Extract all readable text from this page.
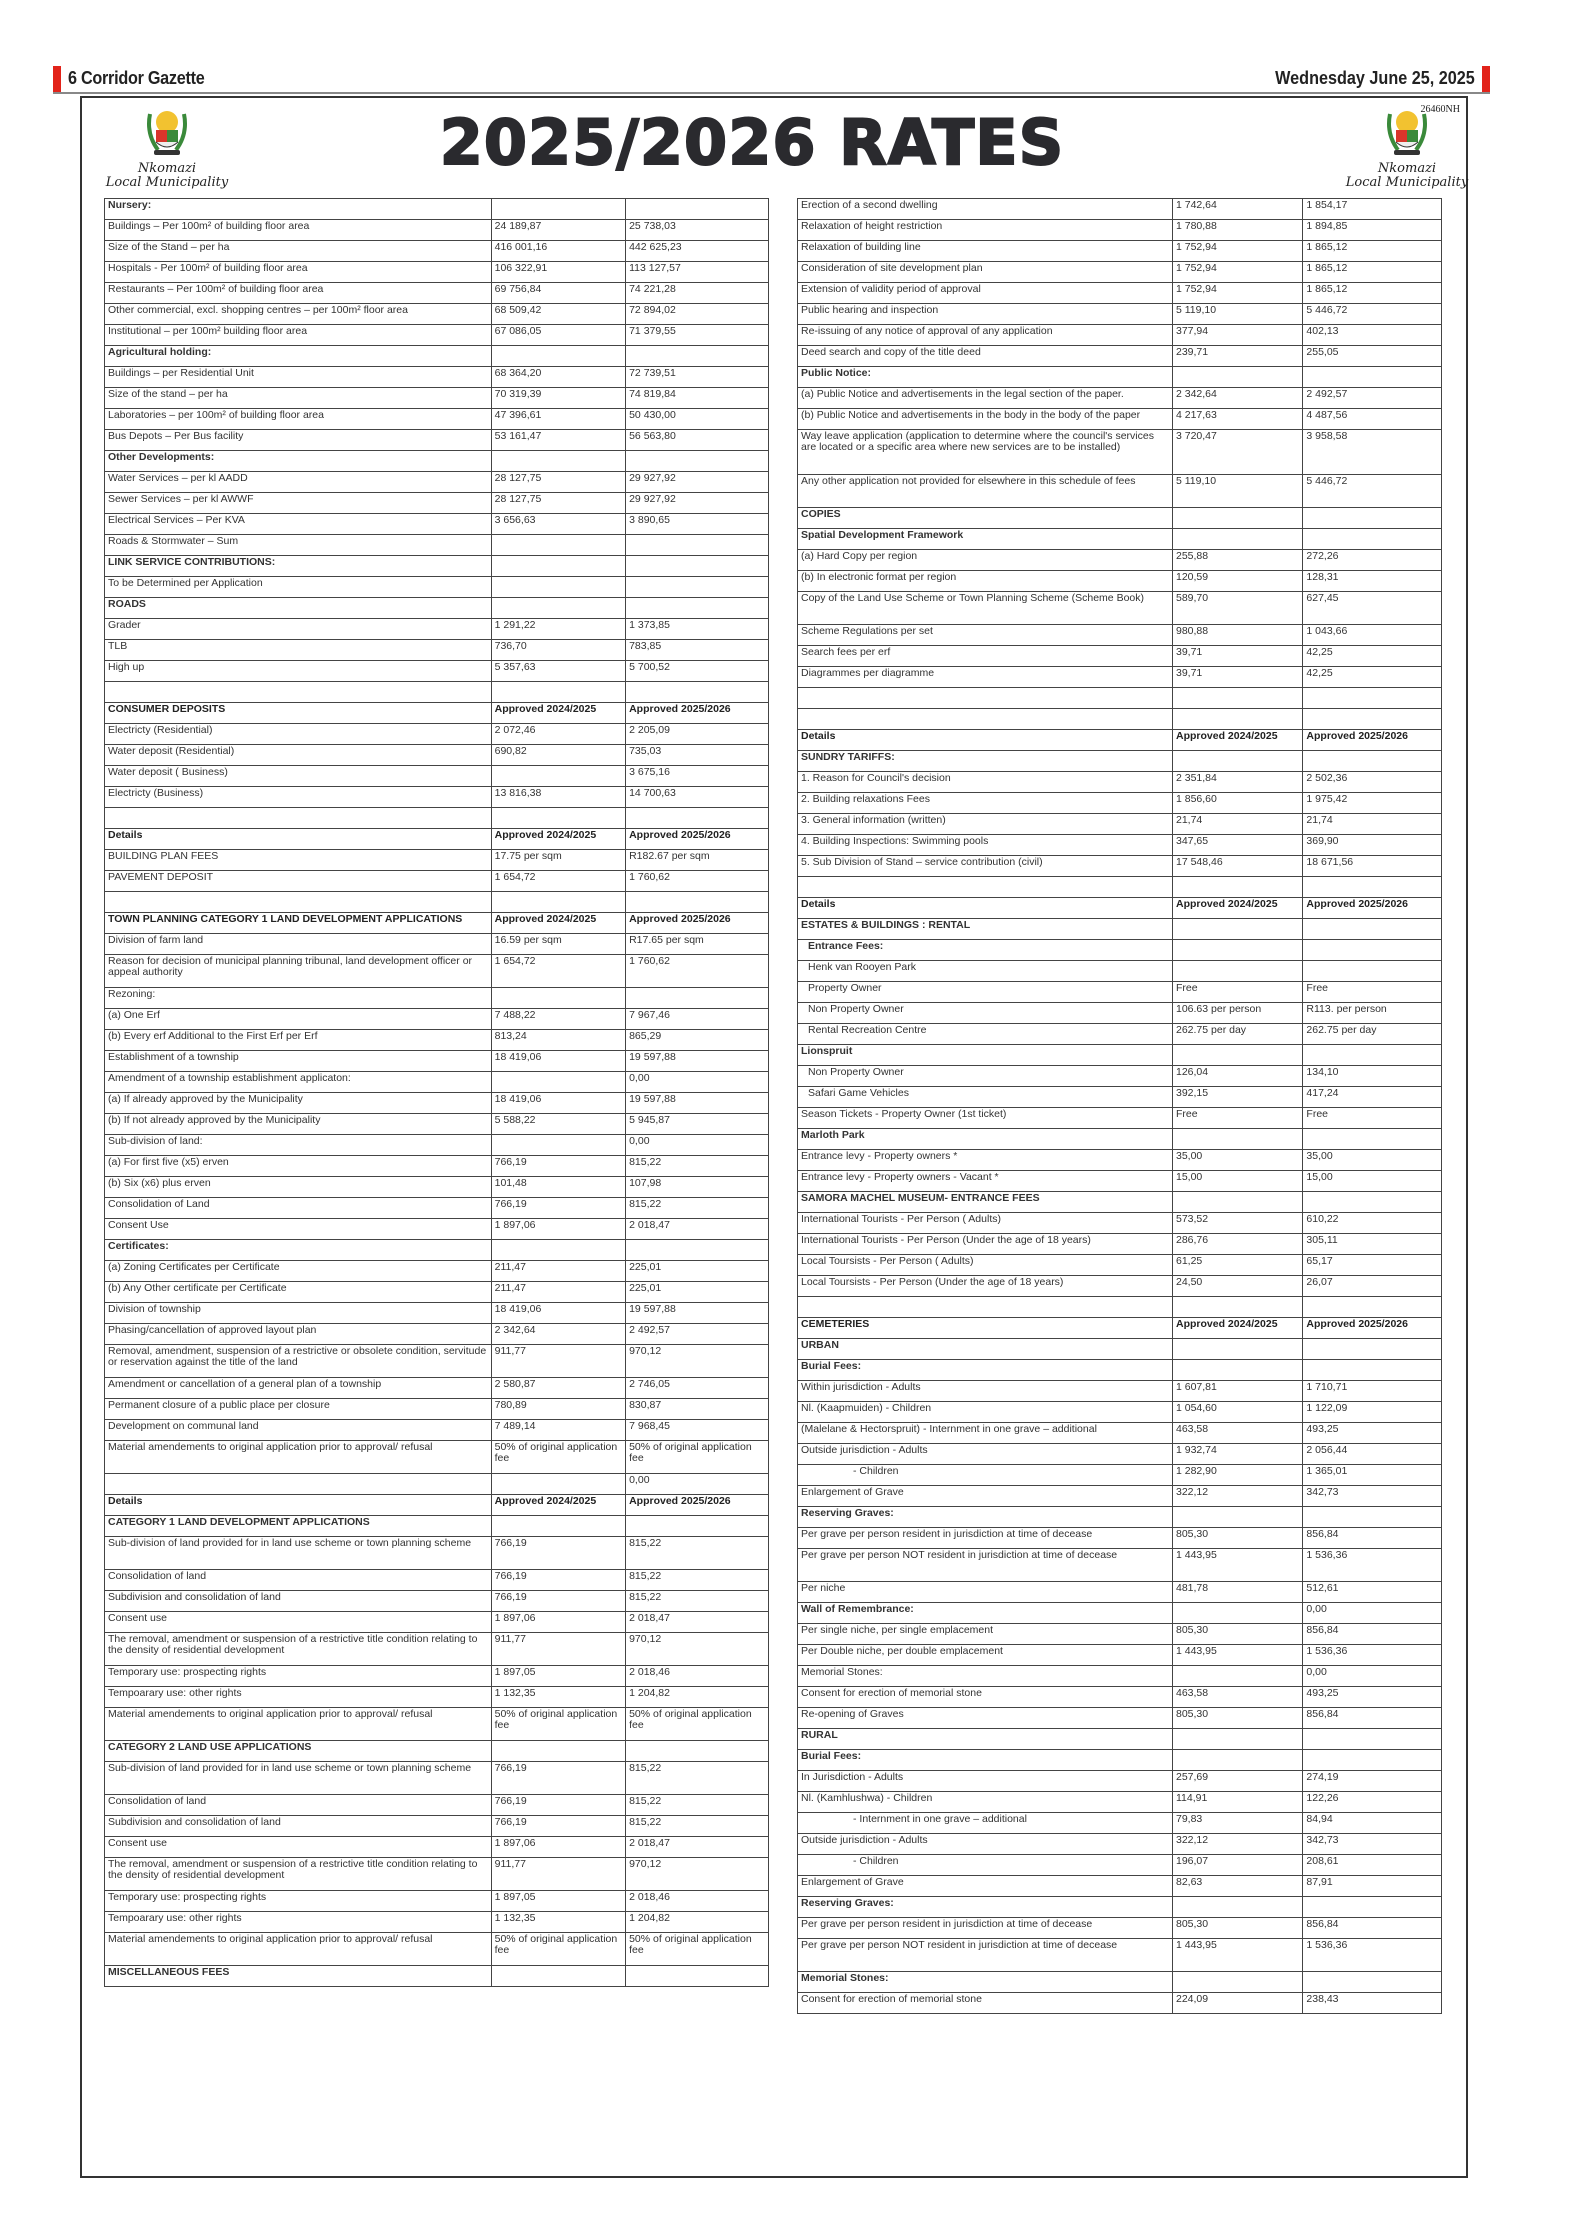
6 Corridor Gazette	Wednesday June 25, 2025
26460NH
Nkomazi
Local Municipality
2025/2026 RATES	Nkomazi
Local Municipality
Nursery:		
Buildings – Per 100m² of building floor area	24 189,87	25 738,03
Size of the Stand – per ha	416 001,16	442 625,23
Hospitals - Per 100m² of building floor area	106 322,91	113 127,57
Restaurants – Per 100m² of building floor area	69 756,84	74 221,28
Other commercial, excl. shopping centres – per 100m² floor area	68 509,42	72 894,02
Institutional – per 100m² building floor area	67 086,05	71 379,55
Agricultural holding:		
Buildings – per Residential Unit	68 364,20	72 739,51
Size of the stand – per ha	70 319,39	74 819,84
Laboratories – per 100m² of building floor area	47 396,61	50 430,00
Bus Depots – Per Bus facility	53 161,47	56 563,80
Other Developments:		
Water Services – per kl AADD	28 127,75	29 927,92
Sewer Services – per kl AWWF	28 127,75	29 927,92
Electrical Services – Per KVA	3 656,63	3 890,65
Roads & Stormwater – Sum		
LINK SERVICE CONTRIBUTIONS:		
To be Determined per Application		
ROADS		
Grader	1 291,22	1 373,85
TLB	736,70	783,85
High up	5 357,63	5 700,52

CONSUMER DEPOSITS	Approved 2024/2025	Approved 2025/2026
Electricty (Residential)	2 072,46	2 205,09
Water deposit (Residential)	690,82	735,03
Water deposit ( Business)		3 675,16
Electricty (Business)	13 816,38	14 700,63

Details	Approved 2024/2025	Approved 2025/2026
BUILDING PLAN FEES	17.75 per sqm	R182.67 per sqm
PAVEMENT DEPOSIT	1 654,72	1 760,62

TOWN PLANNING CATEGORY 1 LAND DEVELOPMENT APPLICATIONS	Approved 2024/2025	Approved 2025/2026
Division of farm land	16.59 per sqm	R17.65 per sqm
Reason for decision of municipal planning tribunal, land development officer or appeal authority	1 654,72	1 760,62
Rezoning:		
(a) One Erf	7 488,22	7 967,46
(b) Every erf Additional to the First Erf per Erf	813,24	865,29
Establishment of a township	18 419,06	19 597,88
Amendment of a township establishment applicaton:		0,00
(a) If already approved by the Municipality	18 419,06	19 597,88
(b) If not already approved by the Municipality	5 588,22	5 945,87
Sub-division of land:		0,00
(a) For first five (x5) erven	766,19	815,22
(b) Six (x6) plus erven	101,48	107,98
Consolidation of Land	766,19	815,22
Consent Use	1 897,06	2 018,47
Certificates:		
(a) Zoning Certificates per Certificate	211,47	225,01
(b) Any Other certificate per Certificate	211,47	225,01
Division of township	18 419,06	19 597,88
Phasing/cancellation of approved layout plan	2 342,64	2 492,57
Removal, amendment, suspension of a restrictive or obsolete condition, servitude or reservation against the title of the land	911,77	970,12
Amendment or cancellation of a general plan of a township	2 580,87	2 746,05
Permanent closure of a public place per closure	780,89	830,87
Development on communal land	7 489,14	7 968,45
Material amendements to original application prior to approval/ refusal	50% of original application fee	50% of original application fee
		0,00
Details	Approved 2024/2025	Approved 2025/2026
CATEGORY 1 LAND DEVELOPMENT APPLICATIONS		
Sub-division of land provided for in land use scheme or town planning scheme	766,19	815,22
Consolidation of land	766,19	815,22
Subdivision and consolidation of land	766,19	815,22
Consent use	1 897,06	2 018,47
The removal, amendment or suspension of a restrictive title condition relating to the density of residential development	911,77	970,12
Temporary use: prospecting rights	1 897,05	2 018,46
Tempoarary use: other rights	1 132,35	1 204,82
Material amendements to original application prior to approval/ refusal	50% of original application fee	50% of original application fee
CATEGORY 2 LAND USE APPLICATIONS		
Sub-division of land provided for in land use scheme or town planning scheme	766,19	815,22
Consolidation of land	766,19	815,22
Subdivision and consolidation of land	766,19	815,22
Consent use	1 897,06	2 018,47
The removal, amendment or suspension of a restrictive title condition relating to the density of residential development	911,77	970,12
Temporary use: prospecting rights	1 897,05	2 018,46
Tempoarary use: other rights	1 132,35	1 204,82
Material amendements to original application prior to approval/ refusal	50% of original application fee	50% of original application fee
MISCELLANEOUS FEES		
Erection of a second dwelling	1 742,64	1 854,17
Relaxation of height restriction	1 780,88	1 894,85
Relaxation of building line	1 752,94	1 865,12
Consideration of site development plan	1 752,94	1 865,12
Extension of validity period of approval	1 752,94	1 865,12
Public hearing and inspection	5 119,10	5 446,72
Re-issuing of any notice of approval of any application	377,94	402,13
Deed search and copy of the title deed	239,71	255,05
Public Notice:		
(a) Public Notice and advertisements in the legal section of the paper.	2 342,64	2 492,57
(b) Public Notice and advertisements in the body in the body of the paper	4 217,63	4 487,56
Way leave application (application to determine where the council's services are located or a specific area where new services are to be installed)	3 720,47	3 958,58
Any other application not provided for elsewhere in this schedule of fees	5 119,10	5 446,72
COPIES		
Spatial Development Framework		
(a) Hard Copy per region	255,88	272,26
(b) In electronic format per region	120,59	128,31
Copy of the Land Use Scheme or Town Planning Scheme (Scheme Book)	589,70	627,45
Scheme Regulations per set	980,88	1 043,66
Search fees per erf	39,71	42,25
Diagrammes per diagramme	39,71	42,25

Details	Approved 2024/2025	Approved 2025/2026
SUNDRY TARIFFS:		
1. Reason for Council's decision	2 351,84	2 502,36
2. Building relaxations Fees	1 856,60	1 975,42
3. General information (written)	21,74	21,74
4. Building Inspections: Swimming pools	347,65	369,90
5. Sub Division of Stand – service contribution (civil)	17 548,46	18 671,56

Details	Approved 2024/2025	Approved 2025/2026
ESTATES & BUILDINGS : RENTAL		
Entrance Fees:		
Henk van Rooyen Park		
Property Owner	Free	Free
Non Property Owner	106.63 per person	R113. per person
Rental Recreation Centre	262.75 per day	262.75 per day
Lionspruit		
Non Property Owner	126,04	134,10
Safari Game Vehicles	392,15	417,24
Season Tickets - Property Owner (1st ticket)	Free	Free
Marloth Park		
Entrance levy - Property owners *	35,00	35,00
Entrance levy - Property owners - Vacant *	15,00	15,00
SAMORA MACHEL MUSEUM- ENTRANCE FEES		
International Tourists - Per Person ( Adults)	573,52	610,22
International Tourists - Per Person (Under the age of 18 years)	286,76	305,11
Local Toursists - Per Person ( Adults)	61,25	65,17
Local Toursists - Per Person (Under the age of 18 years)	24,50	26,07

CEMETERIES	Approved 2024/2025	Approved 2025/2026
URBAN		
Burial Fees:		
Within jurisdiction - Adults	1 607,81	1 710,71
Nl. (Kaapmuiden) - Children	1 054,60	1 122,09
(Malelane & Hectorspruit) - Internment in one grave – additional	463,58	493,25
Outside jurisdiction - Adults	1 932,74	2 056,44
- Children	1 282,90	1 365,01
Enlargement of Grave	322,12	342,73
Reserving Graves:		
Per grave per person resident in jurisdiction at time of decease	805,30	856,84
Per grave per person NOT resident in jurisdiction at time of decease	1 443,95	1 536,36
Per niche	481,78	512,61
Wall of Remembrance:		0,00
Per single niche, per single emplacement	805,30	856,84
Per Double niche, per double emplacement	1 443,95	1 536,36
Memorial Stones:		0,00
Consent for erection of memorial stone	463,58	493,25
Re-opening of Graves	805,30	856,84
RURAL		
Burial Fees:		
In Jurisdiction - Adults	257,69	274,19
Nl. (Kamhlushwa) - Children	114,91	122,26
- Internment in one grave – additional	79,83	84,94
Outside jurisdiction - Adults	322,12	342,73
- Children	196,07	208,61
Enlargement of Grave	82,63	87,91
Reserving Graves:		
Per grave per person resident in jurisdiction at time of decease	805,30	856,84
Per grave per person NOT resident in jurisdiction at time of decease	1 443,95	1 536,36
Memorial Stones:		
Consent for erection of memorial stone	224,09	238,43
